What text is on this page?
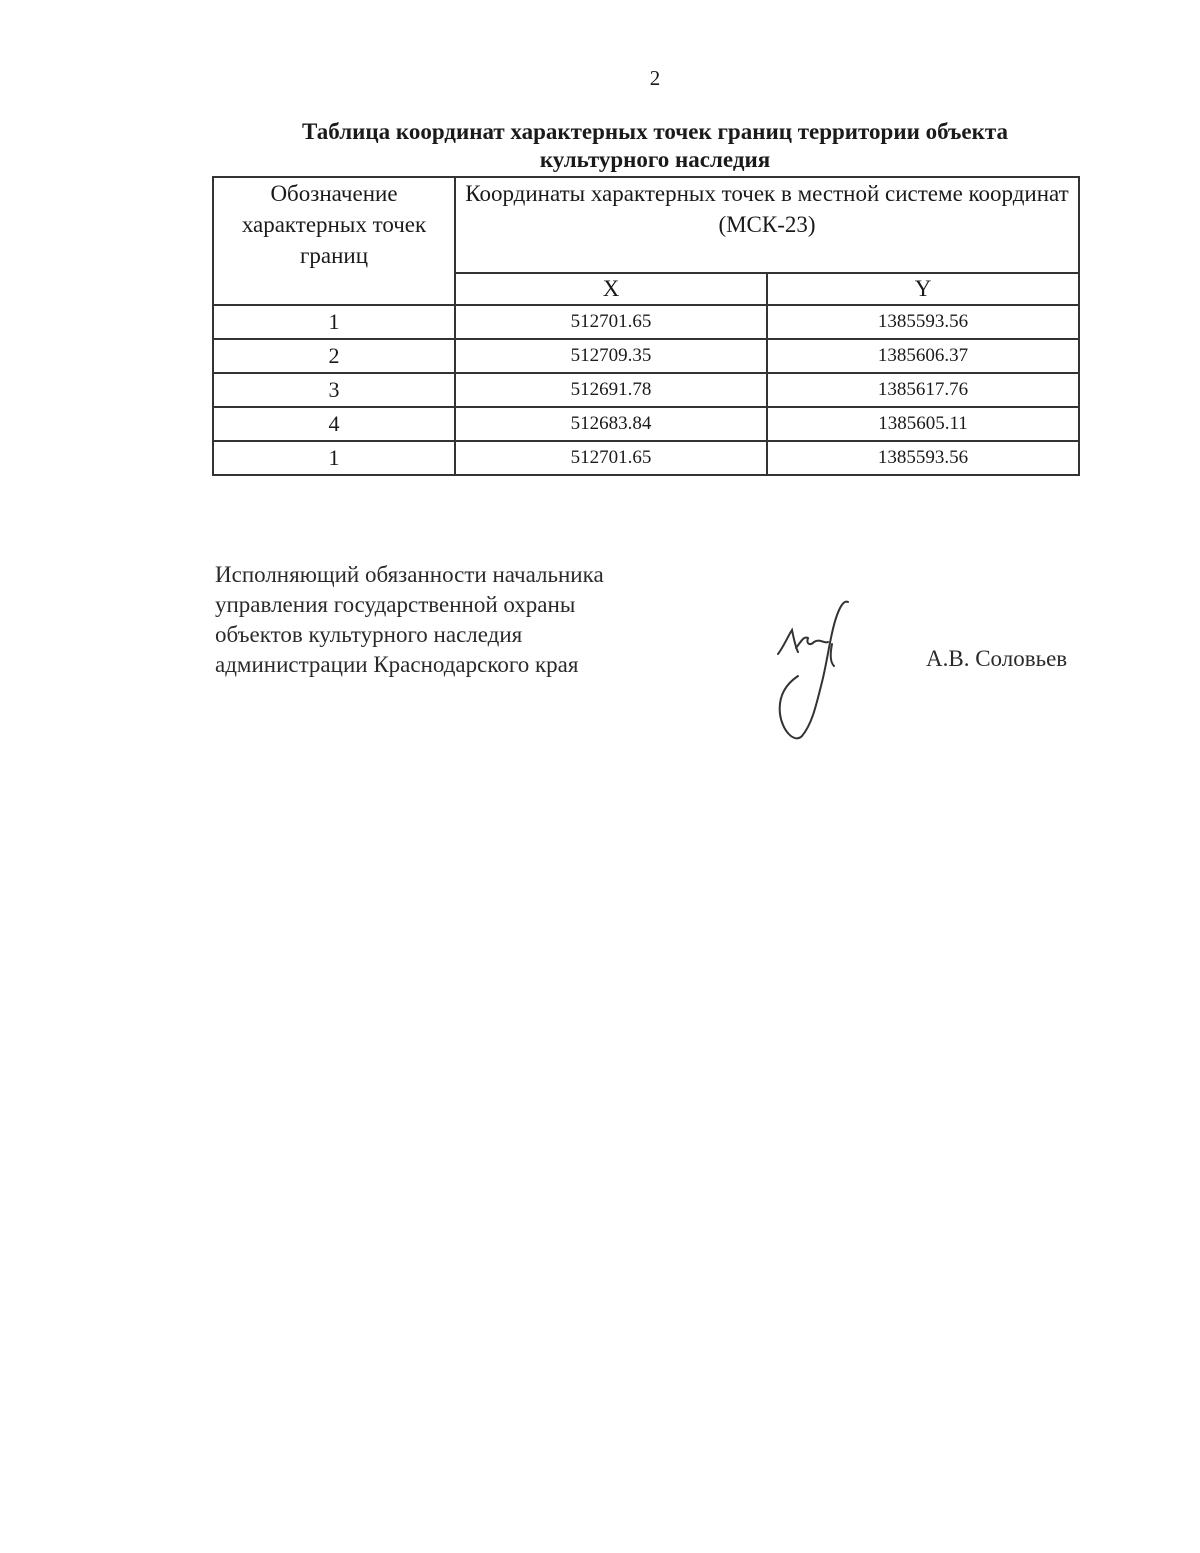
2
Таблица координат характерных точек границ территории объекта культурного наследия
Обозначение характерных точек границ	Координаты характерных точек в местной системе координат (МСК-23)	
	X	Y
1	512701.65	1385593.56
2	512709.35	1385606.37
3	512691.78	1385617.76
4	512683.84	1385605.11
1	512701.65	1385593.56
Исполняющий обязанности начальника
управления государственной охраны
объектов культурного наследия
администрации Краснодарского края	А.В. Соловьев
